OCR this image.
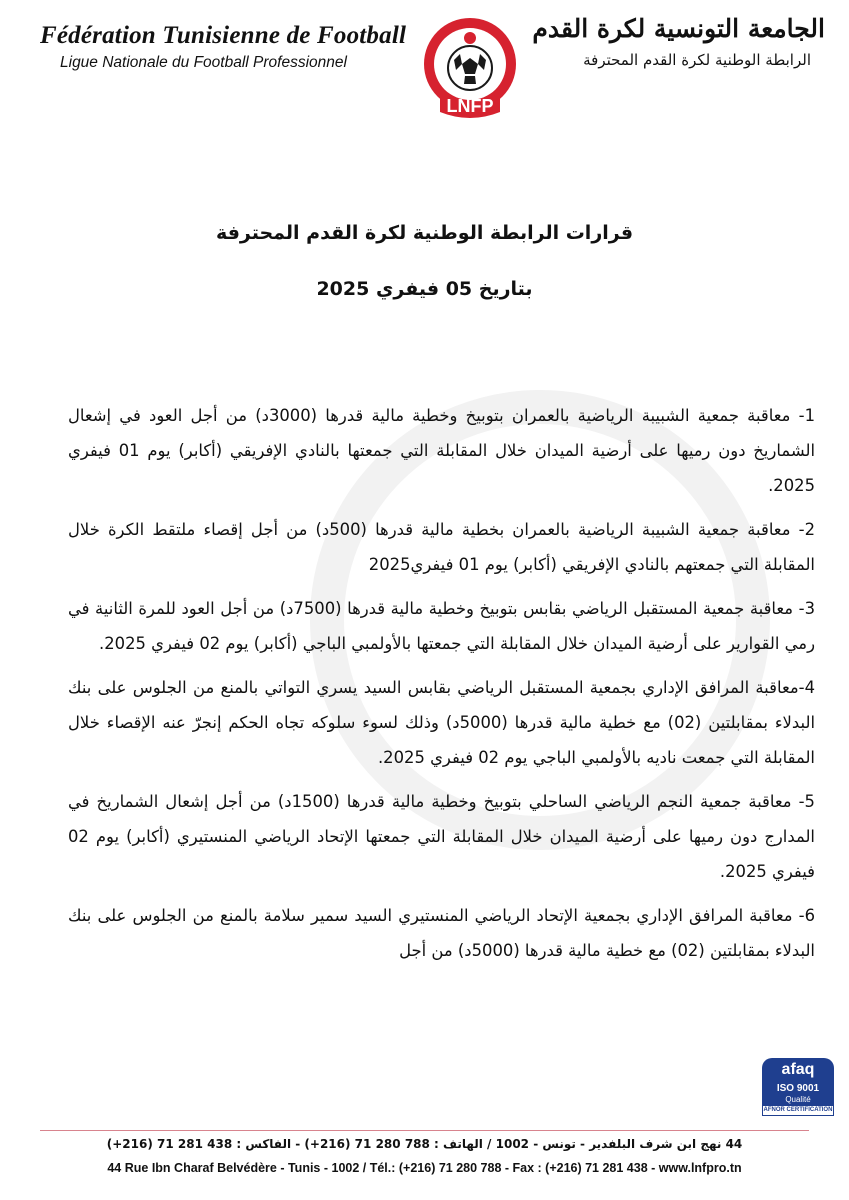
Fédération Tunisienne de Football

Ligue Nationale du Football Professionnel

LNFP

الجامعة التونسية لكرة القدم

الرابطة الوطنية لكرة القدم المحترفة

قرارات الرابطة الوطنية لكرة القدم المحترفة

بتاريخ 05 فيفري 2025

1- معاقبة جمعية الشبيبة الرياضية بالعمران بتوبيخ وخطية مالية قدرها (3000د) من أجل العود في إشعال الشماريخ دون رميها على أرضية الميدان خلال المقابلة التي جمعتها بالنادي الإفريقي (أكابر) يوم 01 فيفري 2025.

2- معاقبة جمعية الشبيبة الرياضية بالعمران بخطية مالية قدرها (500د) من أجل إقصاء ملتقط الكرة خلال المقابلة التي جمعتهم بالنادي الإفريقي (أكابر) يوم 01 فيفري2025

3- معاقبة جمعية المستقبل الرياضي بقابس بتوبيخ وخطية مالية قدرها (7500د) من أجل العود للمرة الثانية في رمي القوارير على أرضية الميدان خلال المقابلة التي جمعتها بالأولمبي الباجي (أكابر) يوم 02 فيفري 2025.

4-معاقبة المرافق الإداري بجمعية المستقبل الرياضي بقابس السيد يسري التواتي بالمنع من الجلوس على بنك البدلاء بمقابلتين (02) مع خطية مالية قدرها (5000د) وذلك لسوء سلوكه تجاه الحكم إنجرّ عنه الإقصاء خلال المقابلة التي جمعت ناديه بالأولمبي الباجي يوم 02 فيفري 2025.

5- معاقبة جمعية النجم الرياضي الساحلي بتوبيخ وخطية مالية قدرها (1500د) من أجل إشعال الشماريخ في المدارج دون رميها على أرضية الميدان خلال المقابلة التي جمعتها الإتحاد الرياضي المنستيري (أكابر) يوم 02 فيفري 2025.

6- معاقبة المرافق الإداري بجمعية الإتحاد الرياضي المنستيري السيد سمير سلامة بالمنع من الجلوس على بنك البدلاء بمقابلتين (02) مع خطية مالية قدرها (5000د) من أجل

afaq
ISO 9001
Qualité
AFNOR CERTIFICATION
44 نهج ابن شرف البلفدير - تونس - 1002 / الهاتف : 788 280 71 (216+) - الفاكس : 438 281 71 (216+)
44 Rue Ibn Charaf Belvédère - Tunis - 1002 / Tél.: (+216) 71 280 788 - Fax : (+216) 71 281 438 - www.lnfpro.tn
